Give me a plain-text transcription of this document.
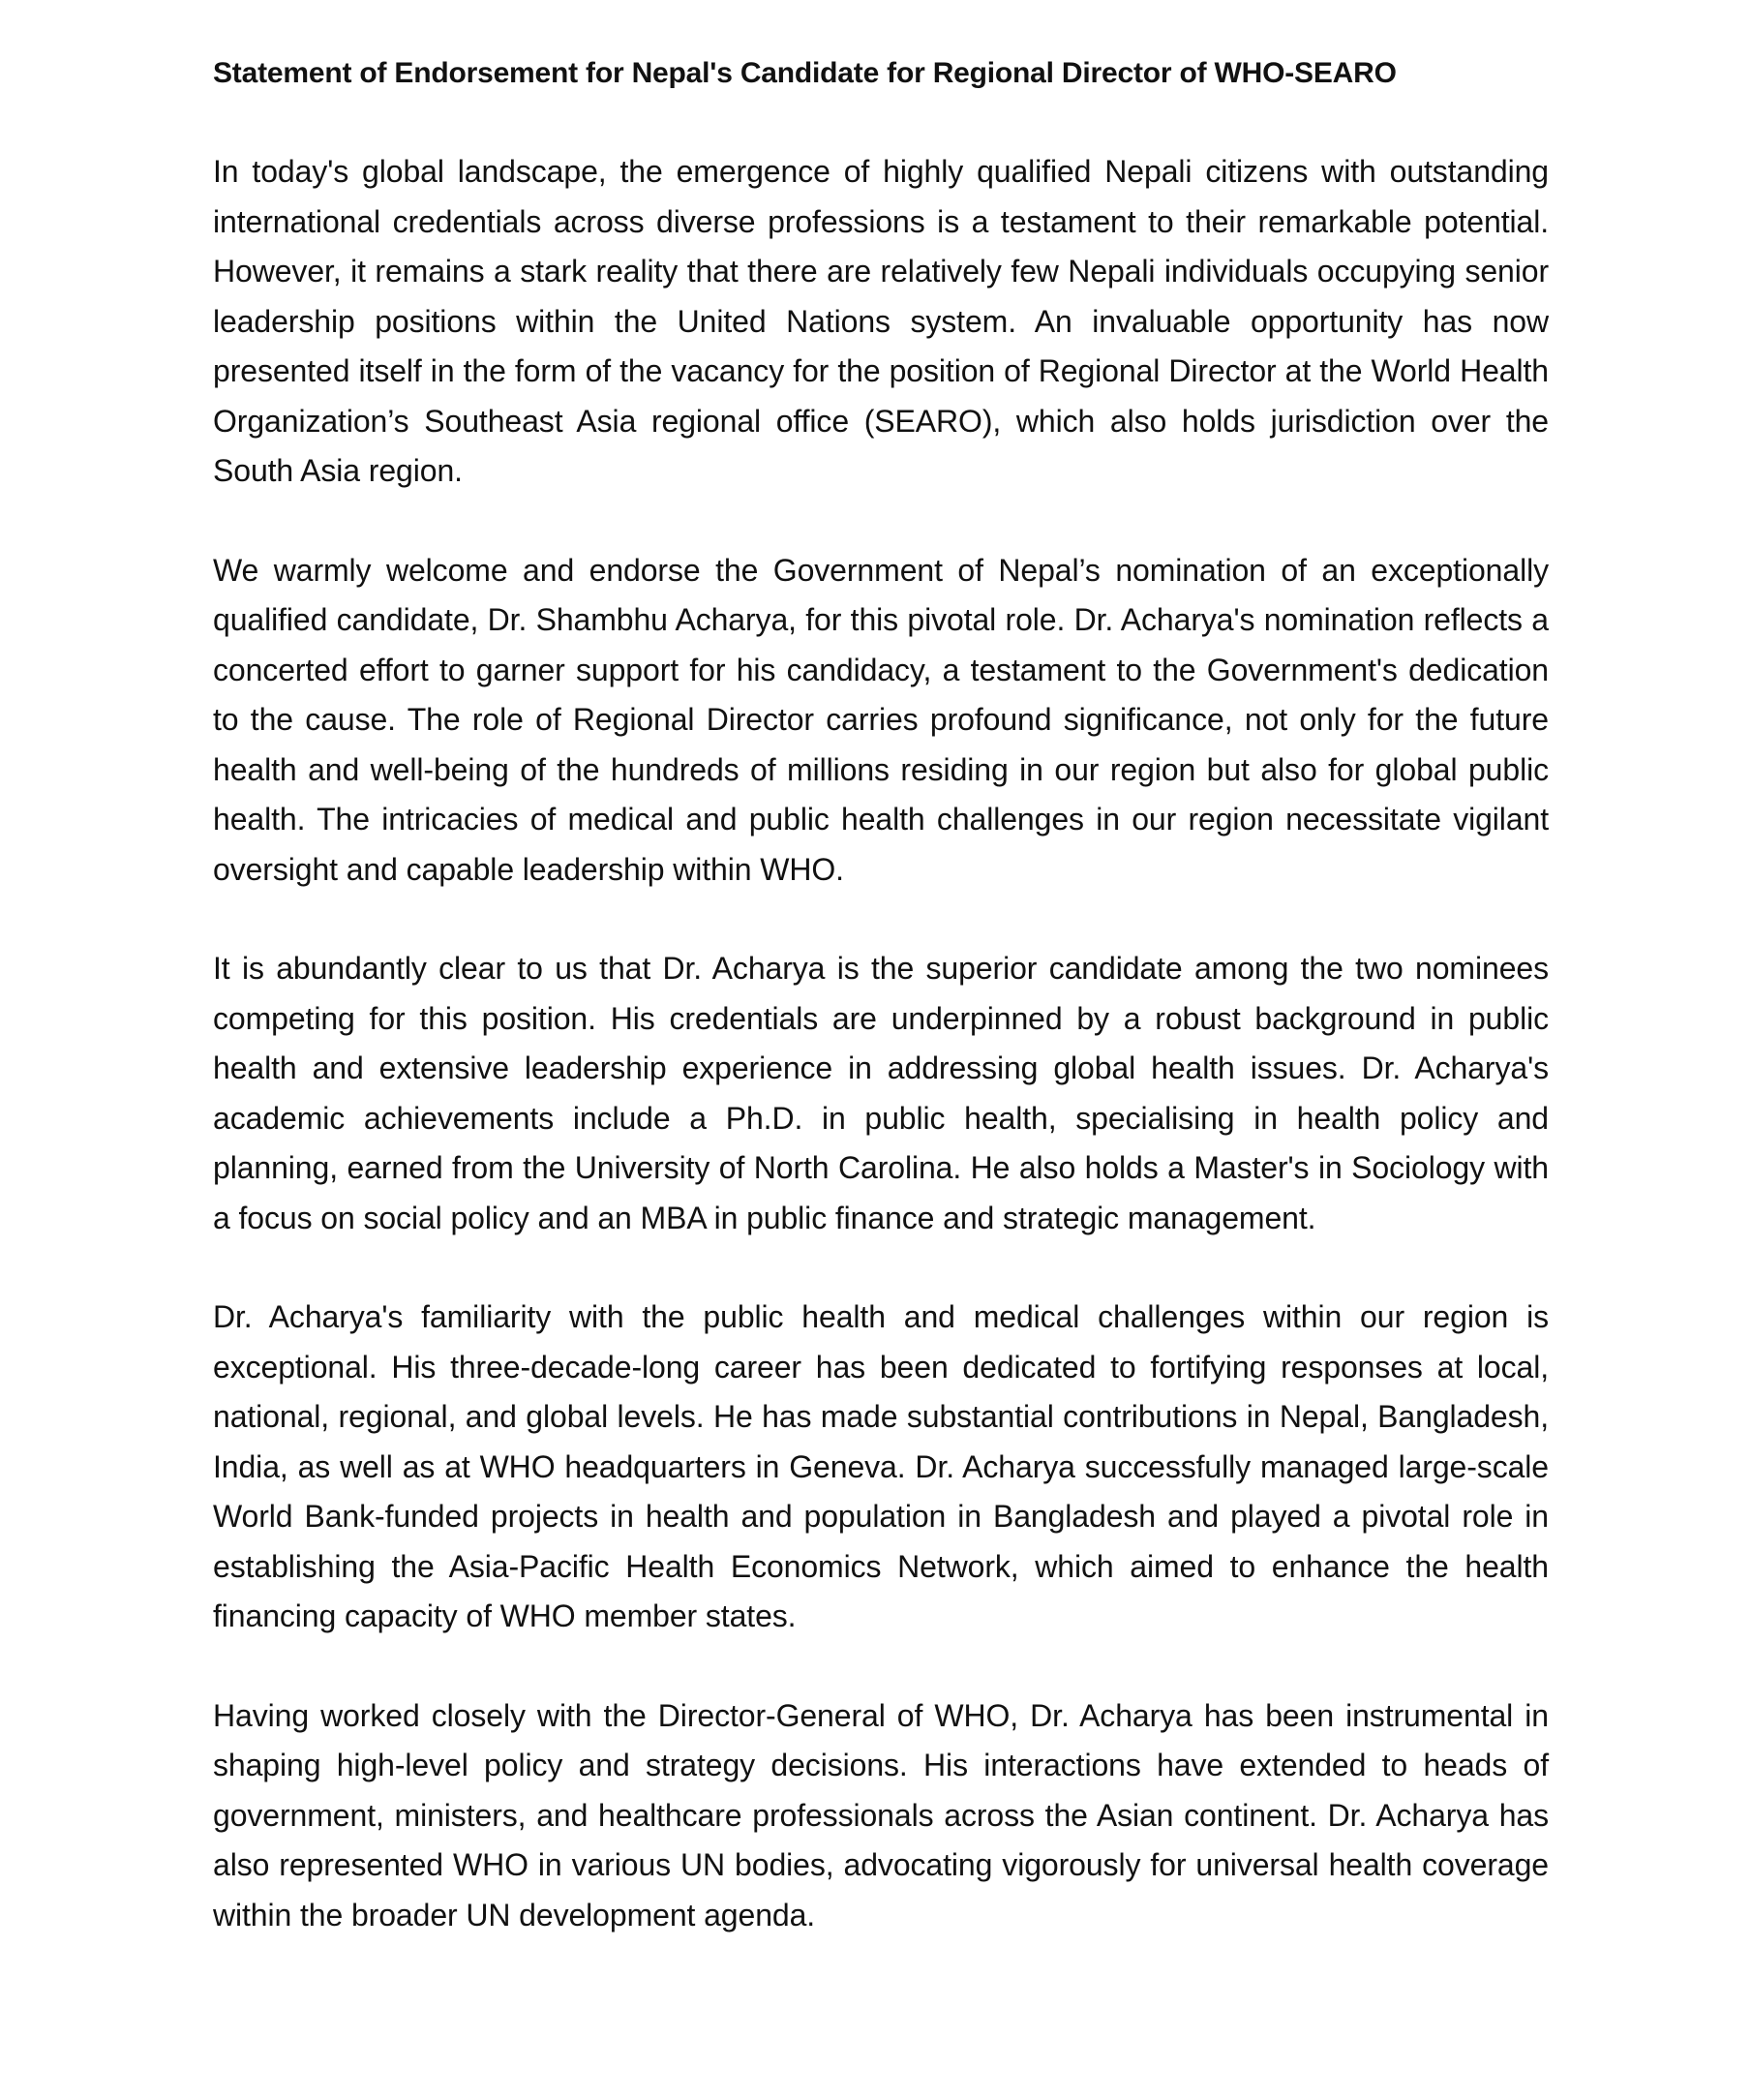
Statement of Endorsement for Nepal's Candidate for Regional Director of WHO-SEARO

In today's global landscape, the emergence of highly qualified Nepali citizens with outstanding international credentials across diverse professions is a testament to their remarkable potential. However, it remains a stark reality that there are relatively few Nepali individuals occupying senior leadership positions within the United Nations system. An invaluable opportunity has now presented itself in the form of the vacancy for the position of Regional Director at the World Health Organization’s Southeast Asia regional office (SEARO), which also holds jurisdiction over the South Asia region.

We warmly welcome and endorse the Government of Nepal’s nomination of an exceptionally qualified candidate, Dr. Shambhu Acharya, for this pivotal role. Dr. Acharya's nomination reflects a concerted effort to garner support for his candidacy, a testament to the Government's dedication to the cause. The role of Regional Director carries profound significance, not only for the future health and well-being of the hundreds of millions residing in our region but also for global public health. The intricacies of medical and public health challenges in our region necessitate vigilant oversight and capable leadership within WHO.

It is abundantly clear to us that Dr. Acharya is the superior candidate among the two nominees competing for this position. His credentials are underpinned by a robust background in public health and extensive leadership experience in addressing global health issues. Dr. Acharya's academic achievements include a Ph.D. in public health, specialising in health policy and planning, earned from the University of North Carolina. He also holds a Master's in Sociology with a focus on social policy and an MBA in public finance and strategic management.

Dr. Acharya's familiarity with the public health and medical challenges within our region is exceptional. His three-decade-long career has been dedicated to fortifying responses at local, national, regional, and global levels. He has made substantial contributions in Nepal, Bangladesh, India, as well as at WHO headquarters in Geneva. Dr. Acharya successfully managed large-scale World Bank-funded projects in health and population in Bangladesh and played a pivotal role in establishing the Asia-Pacific Health Economics Network, which aimed to enhance the health financing capacity of WHO member states.

Having worked closely with the Director-General of WHO, Dr. Acharya has been instrumental in shaping high-level policy and strategy decisions. His interactions have extended to heads of government, ministers, and healthcare professionals across the Asian continent. Dr. Acharya has also represented WHO in various UN bodies, advocating vigorously for universal health coverage within the broader UN development agenda.
